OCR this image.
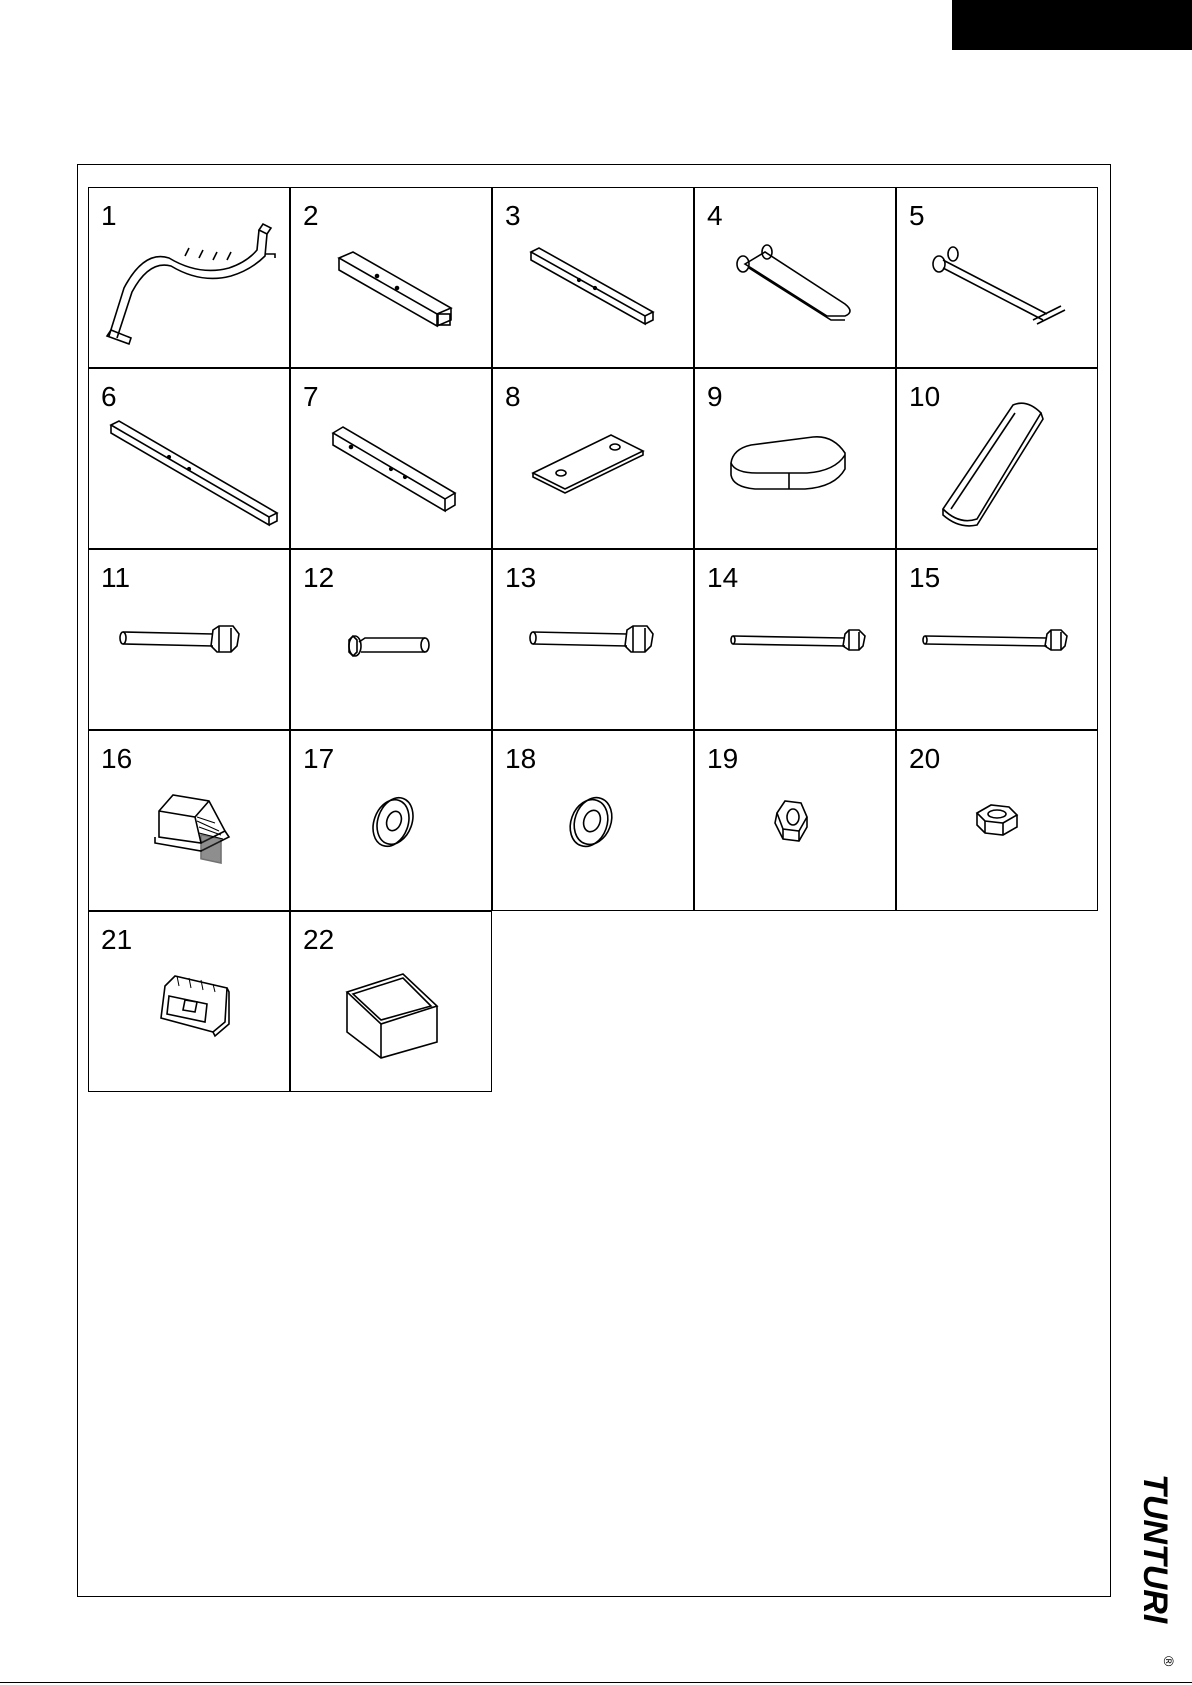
1	2	3	4	5
6	7	8	9	10
11	12	13	14	15
16	17	18	19	20
21	22
TUNTURI
®
